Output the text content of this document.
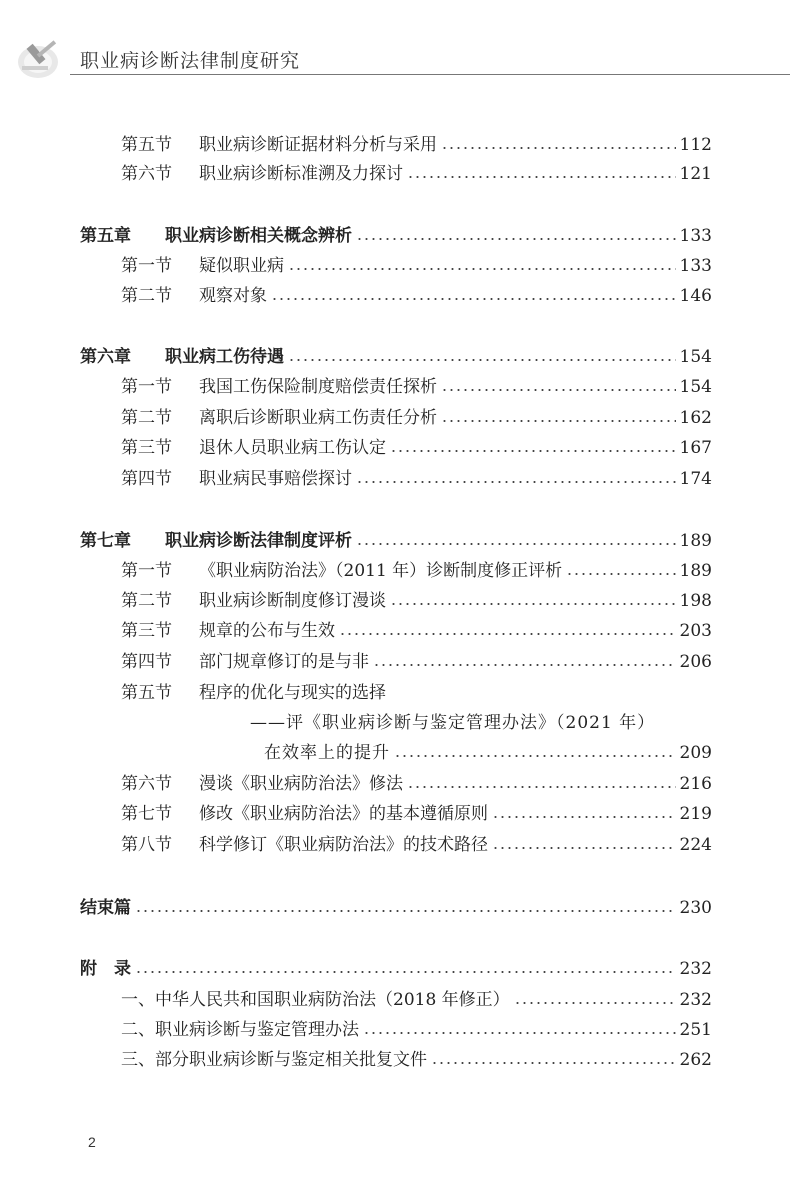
职业病诊断法律制度研究
第五节	职业病诊断证据材料分析与采用	112
第六节	职业病诊断标准溯及力探讨	121
第五章	职业病诊断相关概念辨析	133
第一节	疑似职业病	133
第二节	观察对象	146
第六章	职业病工伤待遇	154
第一节	我国工伤保险制度赔偿责任探析	154
第二节	离职后诊断职业病工伤责任分析	162
第三节	退休人员职业病工伤认定	167
第四节	职业病民事赔偿探讨	174
第七章	职业病诊断法律制度评析	189
第一节	《职业病防治法》（2011 年）诊断制度修正评析	189
第二节	职业病诊断制度修订漫谈	198
第三节	规章的公布与生效	203
第四节	部门规章修订的是与非	206
第五节	程序的优化与现实的选择
——评《职业病诊断与鉴定管理办法》（2021 年）
在效率上的提升	209
第六节	漫谈《职业病防治法》修法	216
第七节	修改《职业病防治法》的基本遵循原则	219
第八节	科学修订《职业病防治法》的技术路径	224
结束篇	230
附　录	232
一、中华人民共和国职业病防治法（2018 年修正）	232
二、职业病诊断与鉴定管理办法	251
三、部分职业病诊断与鉴定相关批复文件	262
2
